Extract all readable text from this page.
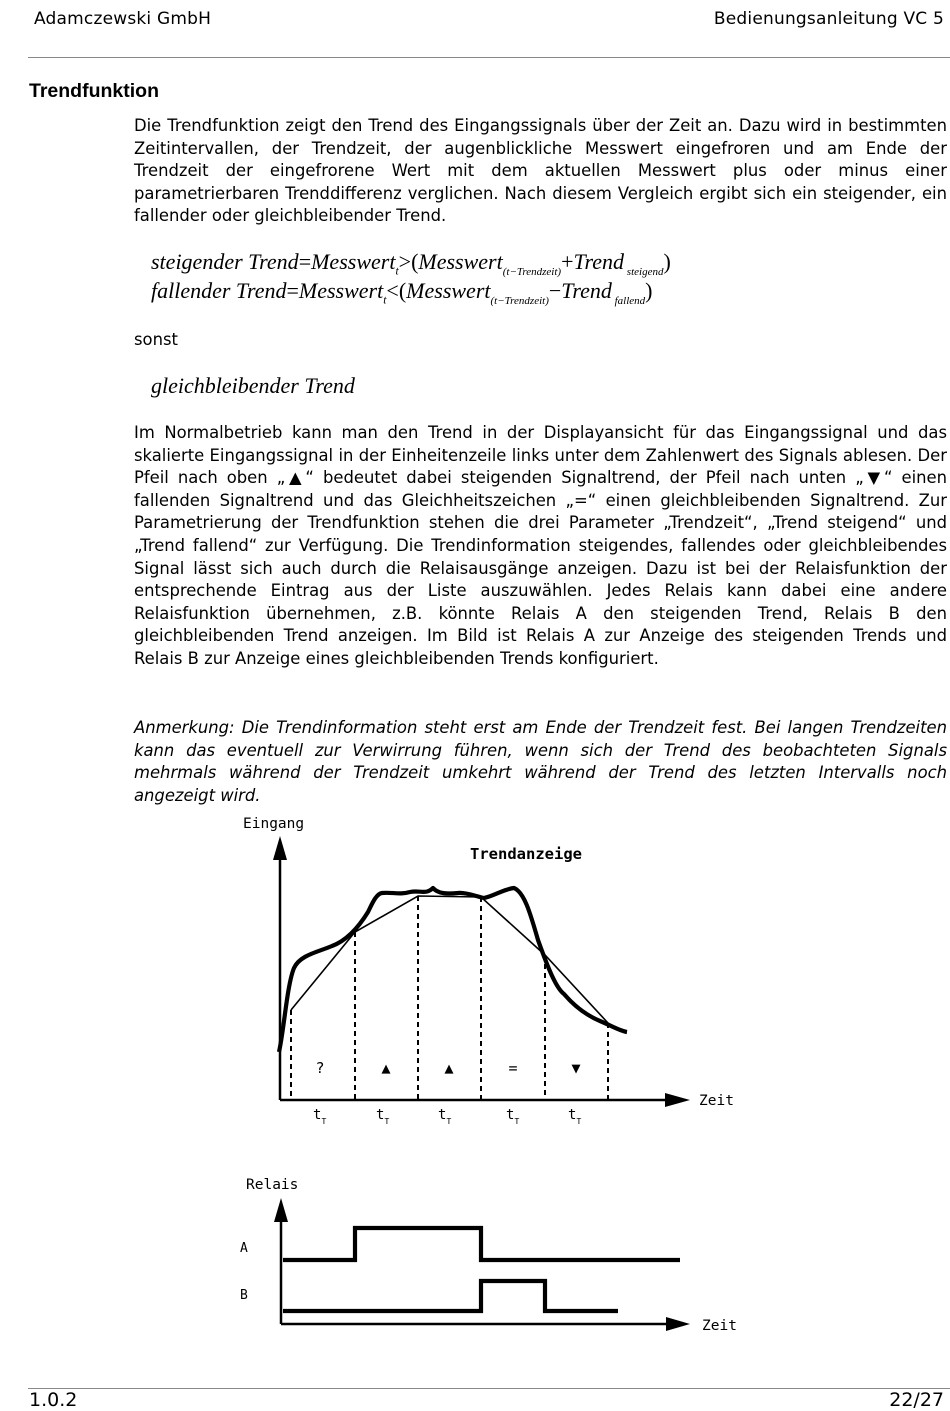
Adamczewski GmbH	Bedienungsanleitung VC 5
Trendfunktion

Die Trendfunktion zeigt den Trend des Eingangssignals über der Zeit an. Dazu wird in bestimmten Zeitintervallen, der Trendzeit, der augenblickliche Messwert eingefroren und am Ende der Trendzeit der eingefrorene Wert mit dem aktuellen Messwert plus oder minus einer parametrierbaren Trenddifferenz verglichen. Nach diesem Vergleich ergibt sich ein steigender, ein fallender oder gleichbleibender Trend.

steigender Trend=Messwert$_t$>(Messwert$_{(t-Trendzeit)}$+Trend $_{steigend}$)
fallender Trend=Messwert$_t$<(Messwert$_{(t-Trendzeit)}$−Trend $_{fallend}$)
sonst
gleichbleibender Trend

Im Normalbetrieb kann man den Trend in der Displayansicht für das Eingangssignal und das skalierte Eingangssignal in der Einheitenzeile links unter dem Zahlenwert des Signals ablesen. Der Pfeil nach oben „▲“ bedeutet dabei steigenden Signaltrend, der Pfeil nach unten „▼“ einen fallenden Signaltrend und das Gleichheitszeichen „=“ einen gleichbleibenden Signaltrend. Zur Parametrierung der Trendfunktion stehen die drei Parameter „Trendzeit“, „Trend steigend“ und „Trend fallend“ zur Verfügung. Die Trendinformation steigendes, fallendes oder gleichbleibendes Signal lässt sich auch durch die Relaisausgänge anzeigen. Dazu ist bei der Relaisfunktion der entsprechende Eintrag aus der Liste auszuwählen. Jedes Relais kann dabei eine andere Relaisfunktion übernehmen, z.B. könnte Relais A den steigenden Trend, Relais B den gleichbleibenden Trend anzeigen. Im Bild ist Relais A zur Anzeige des steigenden Trends und Relais B zur Anzeige eines gleichbleibenden Trends konfiguriert.

Anmerkung: Die Trendinformation steht erst am Ende der Trendzeit fest. Bei langen Trendzeiten kann das eventuell zur Verwirrung führen, wenn sich der Trend des beobachteten Signals mehrmals während der Trendzeit umkehrt während der Trend des letzten Intervalls noch angezeigt wird.

Eingang
Trendanzeige
Zeit
?	▲	▲	=	▼
$t_T$	$t_T$	$t_T$	$t_T$	$t_T$
Relais
Zeit
A
B
1.0.2	22/27
